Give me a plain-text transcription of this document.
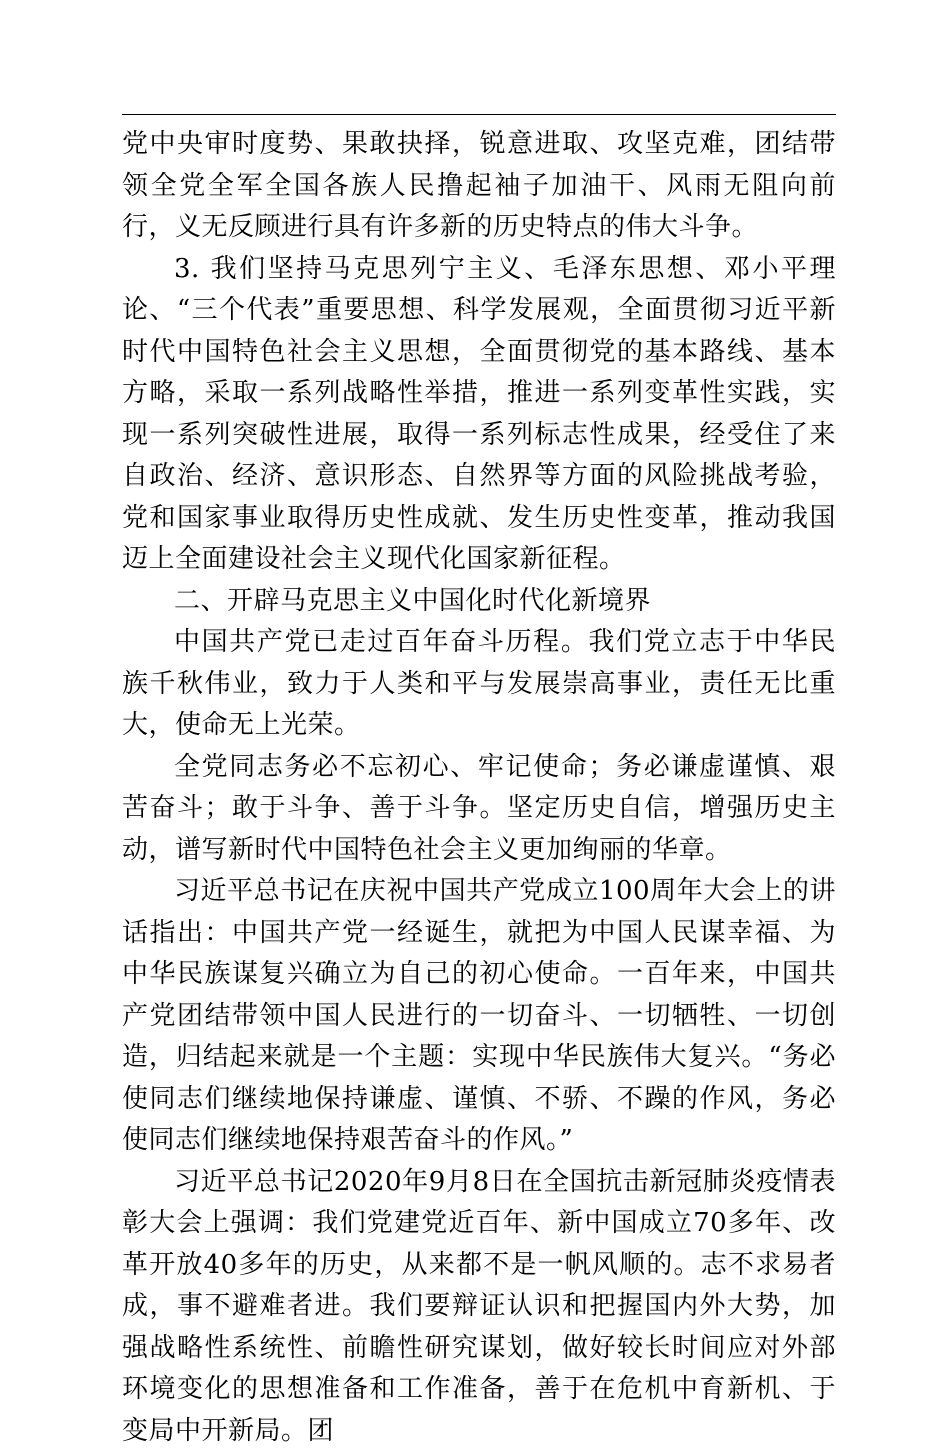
党中央审时度势、果敢抉择，锐意进取、攻坚克难，团结带领全党全军全国各族人民撸起袖子加油干、风雨无阻向前行，义无反顾进行具有许多新的历史特点的伟大斗争。

3. 我们坚持马克思列宁主义、毛泽东思想、邓小平理论、“三个代表”重要思想、科学发展观，全面贯彻习近平新时代中国特色社会主义思想，全面贯彻党的基本路线、基本方略，采取一系列战略性举措，推进一系列变革性实践，实现一系列突破性进展，取得一系列标志性成果，经受住了来自政治、经济、意识形态、自然界等方面的风险挑战考验，党和国家事业取得历史性成就、发生历史性变革，推动我国迈上全面建设社会主义现代化国家新征程。

二、开辟马克思主义中国化时代化新境界

中国共产党已走过百年奋斗历程。我们党立志于中华民族千秋伟业，致力于人类和平与发展崇高事业，责任无比重大，使命无上光荣。

全党同志务必不忘初心、牢记使命；务必谦虚谨慎、艰苦奋斗；敢于斗争、善于斗争。坚定历史自信，增强历史主动，谱写新时代中国特色社会主义更加绚丽的华章。

习近平总书记在庆祝中国共产党成立100周年大会上的讲话指出：中国共产党一经诞生，就把为中国人民谋幸福、为中华民族谋复兴确立为自己的初心使命。一百年来，中国共产党团结带领中国人民进行的一切奋斗、一切牺牲、一切创造，归结起来就是一个主题：实现中华民族伟大复兴。“务必使同志们继续地保持谦虚、谨慎、不骄、不躁的作风，务必使同志们继续地保持艰苦奋斗的作风。”

习近平总书记2020年9月8日在全国抗击新冠肺炎疫情表彰大会上强调：我们党建党近百年、新中国成立70多年、改革开放40多年的历史，从来都不是一帆风顺的。志不求易者成，事不避难者进。我们要辩证认识和把握国内外大势，加强战略性系统性、前瞻性研究谋划，做好较长时间应对外部环境变化的思想准备和工作准备，善于在危机中育新机、于变局中开新局。团
